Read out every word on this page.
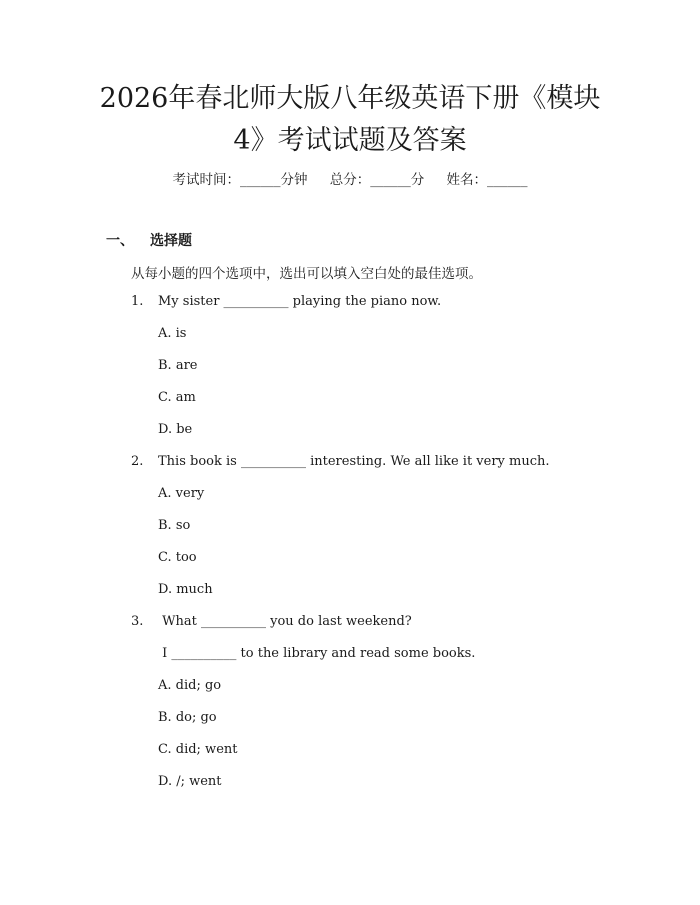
2026年春北师大版八年级英语下册《模块
4》考试试题及答案
考试时间：______分钟 总分：______分 姓名：______
一、 选择题
从每小题的四个选项中，选出可以填入空白处的最佳选项。
1. My sister __________ playing the piano now.
A. is
B. are
C. am
D. be
2. This book is __________ interesting. We all like it very much.
A. very
B. so
C. too
D. much
3. What __________ you do last weekend?
I __________ to the library and read some books.
A. did; go
B. do; go
C. did; went
D. /; went
